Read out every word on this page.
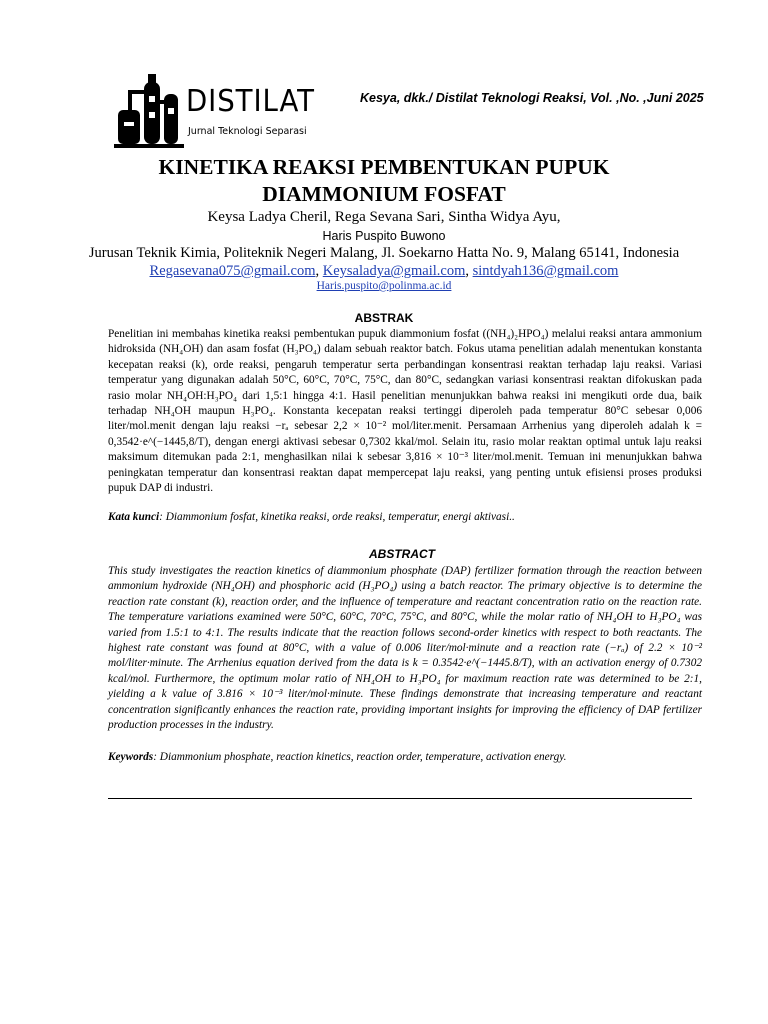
DISTILAT
Jurnal Teknologi Separasi
Kesya, dkk./ Distilat Teknologi Reaksi, Vol. ,No. ,Juni 2025
KINETIKA REAKSI PEMBENTUKAN PUPUK
DIAMMONIUM FOSFAT
Keysa Ladya Cheril, Rega Sevana Sari, Sintha Widya Ayu,
Haris Puspito Buwono
Jurusan Teknik Kimia, Politeknik Negeri Malang, Jl. Soekarno Hatta No. 9, Malang 65141, Indonesia
Regasevana075@gmail.com, Keysaladya@gmail.com, sintdyah136@gmail.com
Haris.puspito@polinma.ac.id
ABSTRAK
Penelitian ini membahas kinetika reaksi pembentukan pupuk diammonium fosfat ((NH₄)₂HPO₄) melalui reaksi antara ammonium hidroksida (NH₄OH) dan asam fosfat (H₃PO₄) dalam sebuah reaktor batch. Fokus utama penelitian adalah menentukan konstanta kecepatan reaksi (k), orde reaksi, pengaruh temperatur serta perbandingan konsentrasi reaktan terhadap laju reaksi. Variasi temperatur yang digunakan adalah 50°C, 60°C, 70°C, 75°C, dan 80°C, sedangkan variasi konsentrasi reaktan difokuskan pada rasio molar NH₄OH:H₃PO₄ dari 1,5:1 hingga 4:1. Hasil penelitian menunjukkan bahwa reaksi ini mengikuti orde dua, baik terhadap NH₄OH maupun H₃PO₄. Konstanta kecepatan reaksi tertinggi diperoleh pada temperatur 80°C sebesar 0,006 liter/mol.menit dengan laju reaksi −rₐ sebesar 2,2 × 10⁻² mol/liter.menit. Persamaan Arrhenius yang diperoleh adalah k = 0,3542·e^(−1445,8/T), dengan energi aktivasi sebesar 0,7302 kkal/mol. Selain itu, rasio molar reaktan optimal untuk laju reaksi maksimum ditemukan pada 2:1, menghasilkan nilai k sebesar 3,816 × 10⁻³ liter/mol.menit. Temuan ini menunjukkan bahwa peningkatan temperatur dan konsentrasi reaktan dapat mempercepat laju reaksi, yang penting untuk efisiensi proses produksi pupuk DAP di industri.
Kata kunci: Diammonium fosfat, kinetika reaksi, orde reaksi, temperatur, energi aktivasi..
ABSTRACT
This study investigates the reaction kinetics of diammonium phosphate (DAP) fertilizer formation through the reaction between ammonium hydroxide (NH₄OH) and phosphoric acid (H₃PO₄) using a batch reactor. The primary objective is to determine the reaction rate constant (k), reaction order, and the influence of temperature and reactant concentration ratio on the reaction rate. The temperature variations examined were 50°C, 60°C, 70°C, 75°C, and 80°C, while the molar ratio of NH₄OH to H₃PO₄ was varied from 1.5:1 to 4:1. The results indicate that the reaction follows second-order kinetics with respect to both reactants. The highest rate constant was found at 80°C, with a value of 0.006 liter/mol·minute and a reaction rate (−rₐ) of 2.2 × 10⁻² mol/liter·minute. The Arrhenius equation derived from the data is k = 0.3542·e^(−1445.8/T), with an activation energy of 0.7302 kcal/mol. Furthermore, the optimum molar ratio of NH₄OH to H₃PO₄ for maximum reaction rate was determined to be 2:1, yielding a k value of 3.816 × 10⁻³ liter/mol·minute. These findings demonstrate that increasing temperature and reactant concentration significantly enhances the reaction rate, providing important insights for improving the efficiency of DAP fertilizer production processes in the industry.
Keywords: Diammonium phosphate, reaction kinetics, reaction order, temperature, activation energy.
